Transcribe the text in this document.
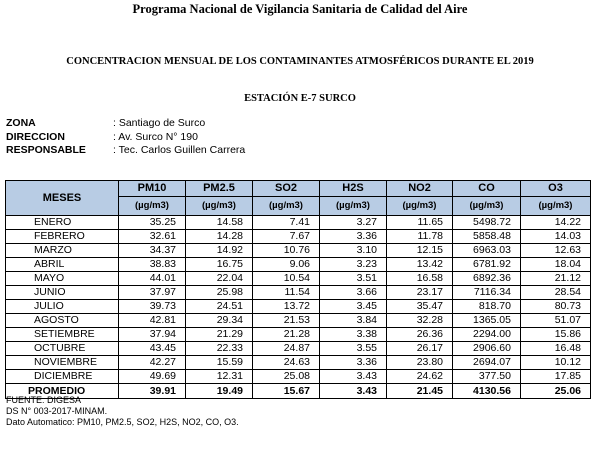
Programa Nacional de Vigilancia Sanitaria de Calidad del Aire
CONCENTRACION MENSUAL DE LOS CONTAMINANTES ATMOSFÉRICOS DURANTE EL 2019
ESTACIÓN E-7 SURCO
ZONA	: Santiago de Surco
DIRECCION	: Av. Surco N° 190
RESPONSABLE	: Tec. Carlos Guillen Carrera
MESES	PM10	PM2.5	SO2	H2S	NO2	CO	O3
	(µg/m3)	(µg/m3)	(µg/m3)	(µg/m3)	(µg/m3)	(µg/m3)	(µg/m3)
ENERO	35.25	14.58	7.41	3.27	11.65	5498.72	14.22
FEBRERO	32.61	14.28	7.67	3.36	11.78	5858.48	14.03
MARZO	34.37	14.92	10.76	3.10	12.15	6963.03	12.63
ABRIL	38.83	16.75	9.06	3.23	13.42	6781.92	18.04
MAYO	44.01	22.04	10.54	3.51	16.58	6892.36	21.12
JUNIO	37.97	25.98	11.54	3.66	23.17	7116.34	28.54
JULIO	39.73	24.51	13.72	3.45	35.47	818.70	80.73
AGOSTO	42.81	29.34	21.53	3.84	32.28	1365.05	51.07
SETIEMBRE	37.94	21.29	21.28	3.38	26.36	2294.00	15.86
OCTUBRE	43.45	22.33	24.87	3.55	26.17	2906.60	16.48
NOVIEMBRE	42.27	15.59	24.63	3.36	23.80	2694.07	10.12
DICIEMBRE	49.69	12.31	25.08	3.43	24.62	377.50	17.85
PROMEDIO	39.91	19.49	15.67	3.43	21.45	4130.56	25.06
FUENTE: DIGESA
DS N° 003-2017-MINAM.
Dato Automatico: PM10, PM2.5, SO2, H2S, NO2, CO, O3.
